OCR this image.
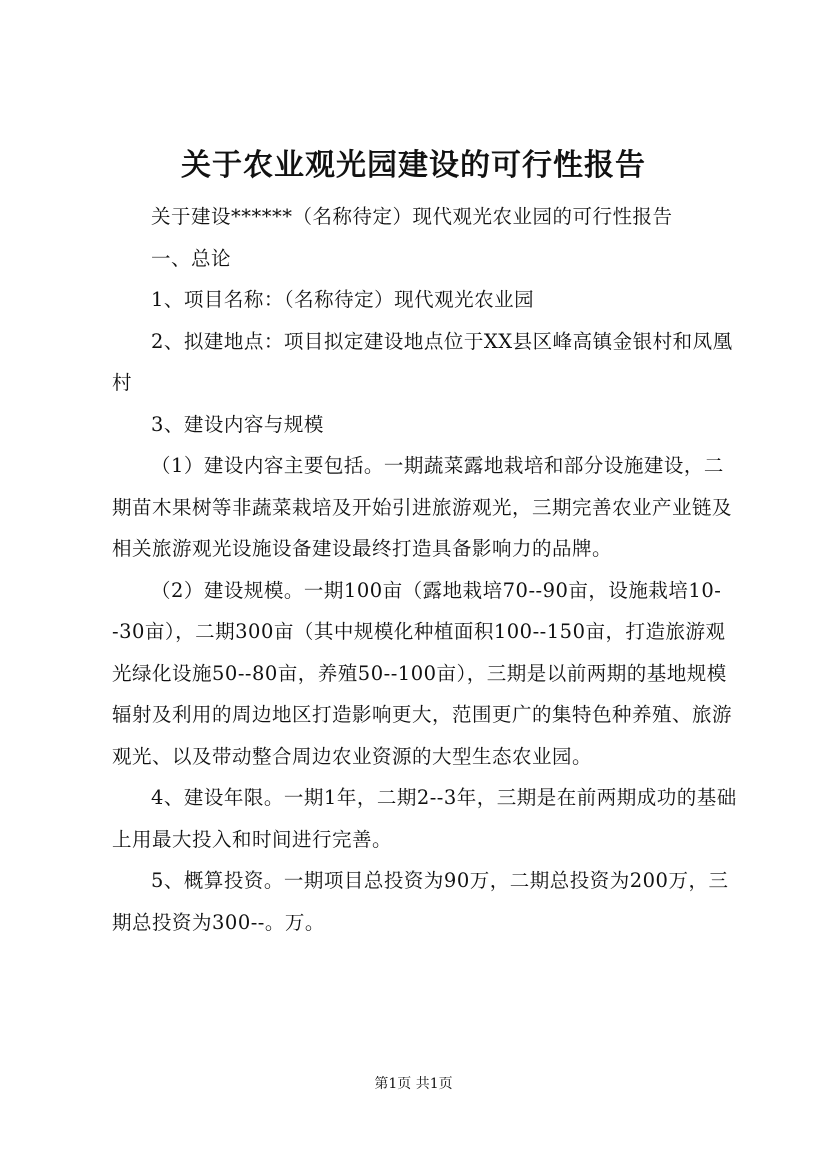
关于农业观光园建设的可行性报告

关于建设******（名称待定）现代观光农业园的可行性报告

一、总论

1、项目名称：（名称待定）现代观光农业园

2、拟建地点：项目拟定建设地点位于XX县区峰高镇金银村和凤凰村

3、建设内容与规模

（1）建设内容主要包括。一期蔬菜露地栽培和部分设施建设，二期苗木果树等非蔬菜栽培及开始引进旅游观光，三期完善农业产业链及相关旅游观光设施设备建设最终打造具备影响力的品牌。

（2）建设规模。一期100亩（露地栽培70--90亩，设施栽培10--30亩），二期300亩（其中规模化种植面积100--150亩，打造旅游观光绿化设施50--80亩，养殖50--100亩），三期是以前两期的基地规模辐射及利用的周边地区打造影响更大，范围更广的集特色种养殖、旅游观光、以及带动整合周边农业资源的大型生态农业园。

4、建设年限。一期1年，二期2--3年，三期是在前两期成功的基础上用最大投入和时间进行完善。

5、概算投资。一期项目总投资为90万，二期总投资为200万，三期总投资为300--。万。

第1页 共1页
